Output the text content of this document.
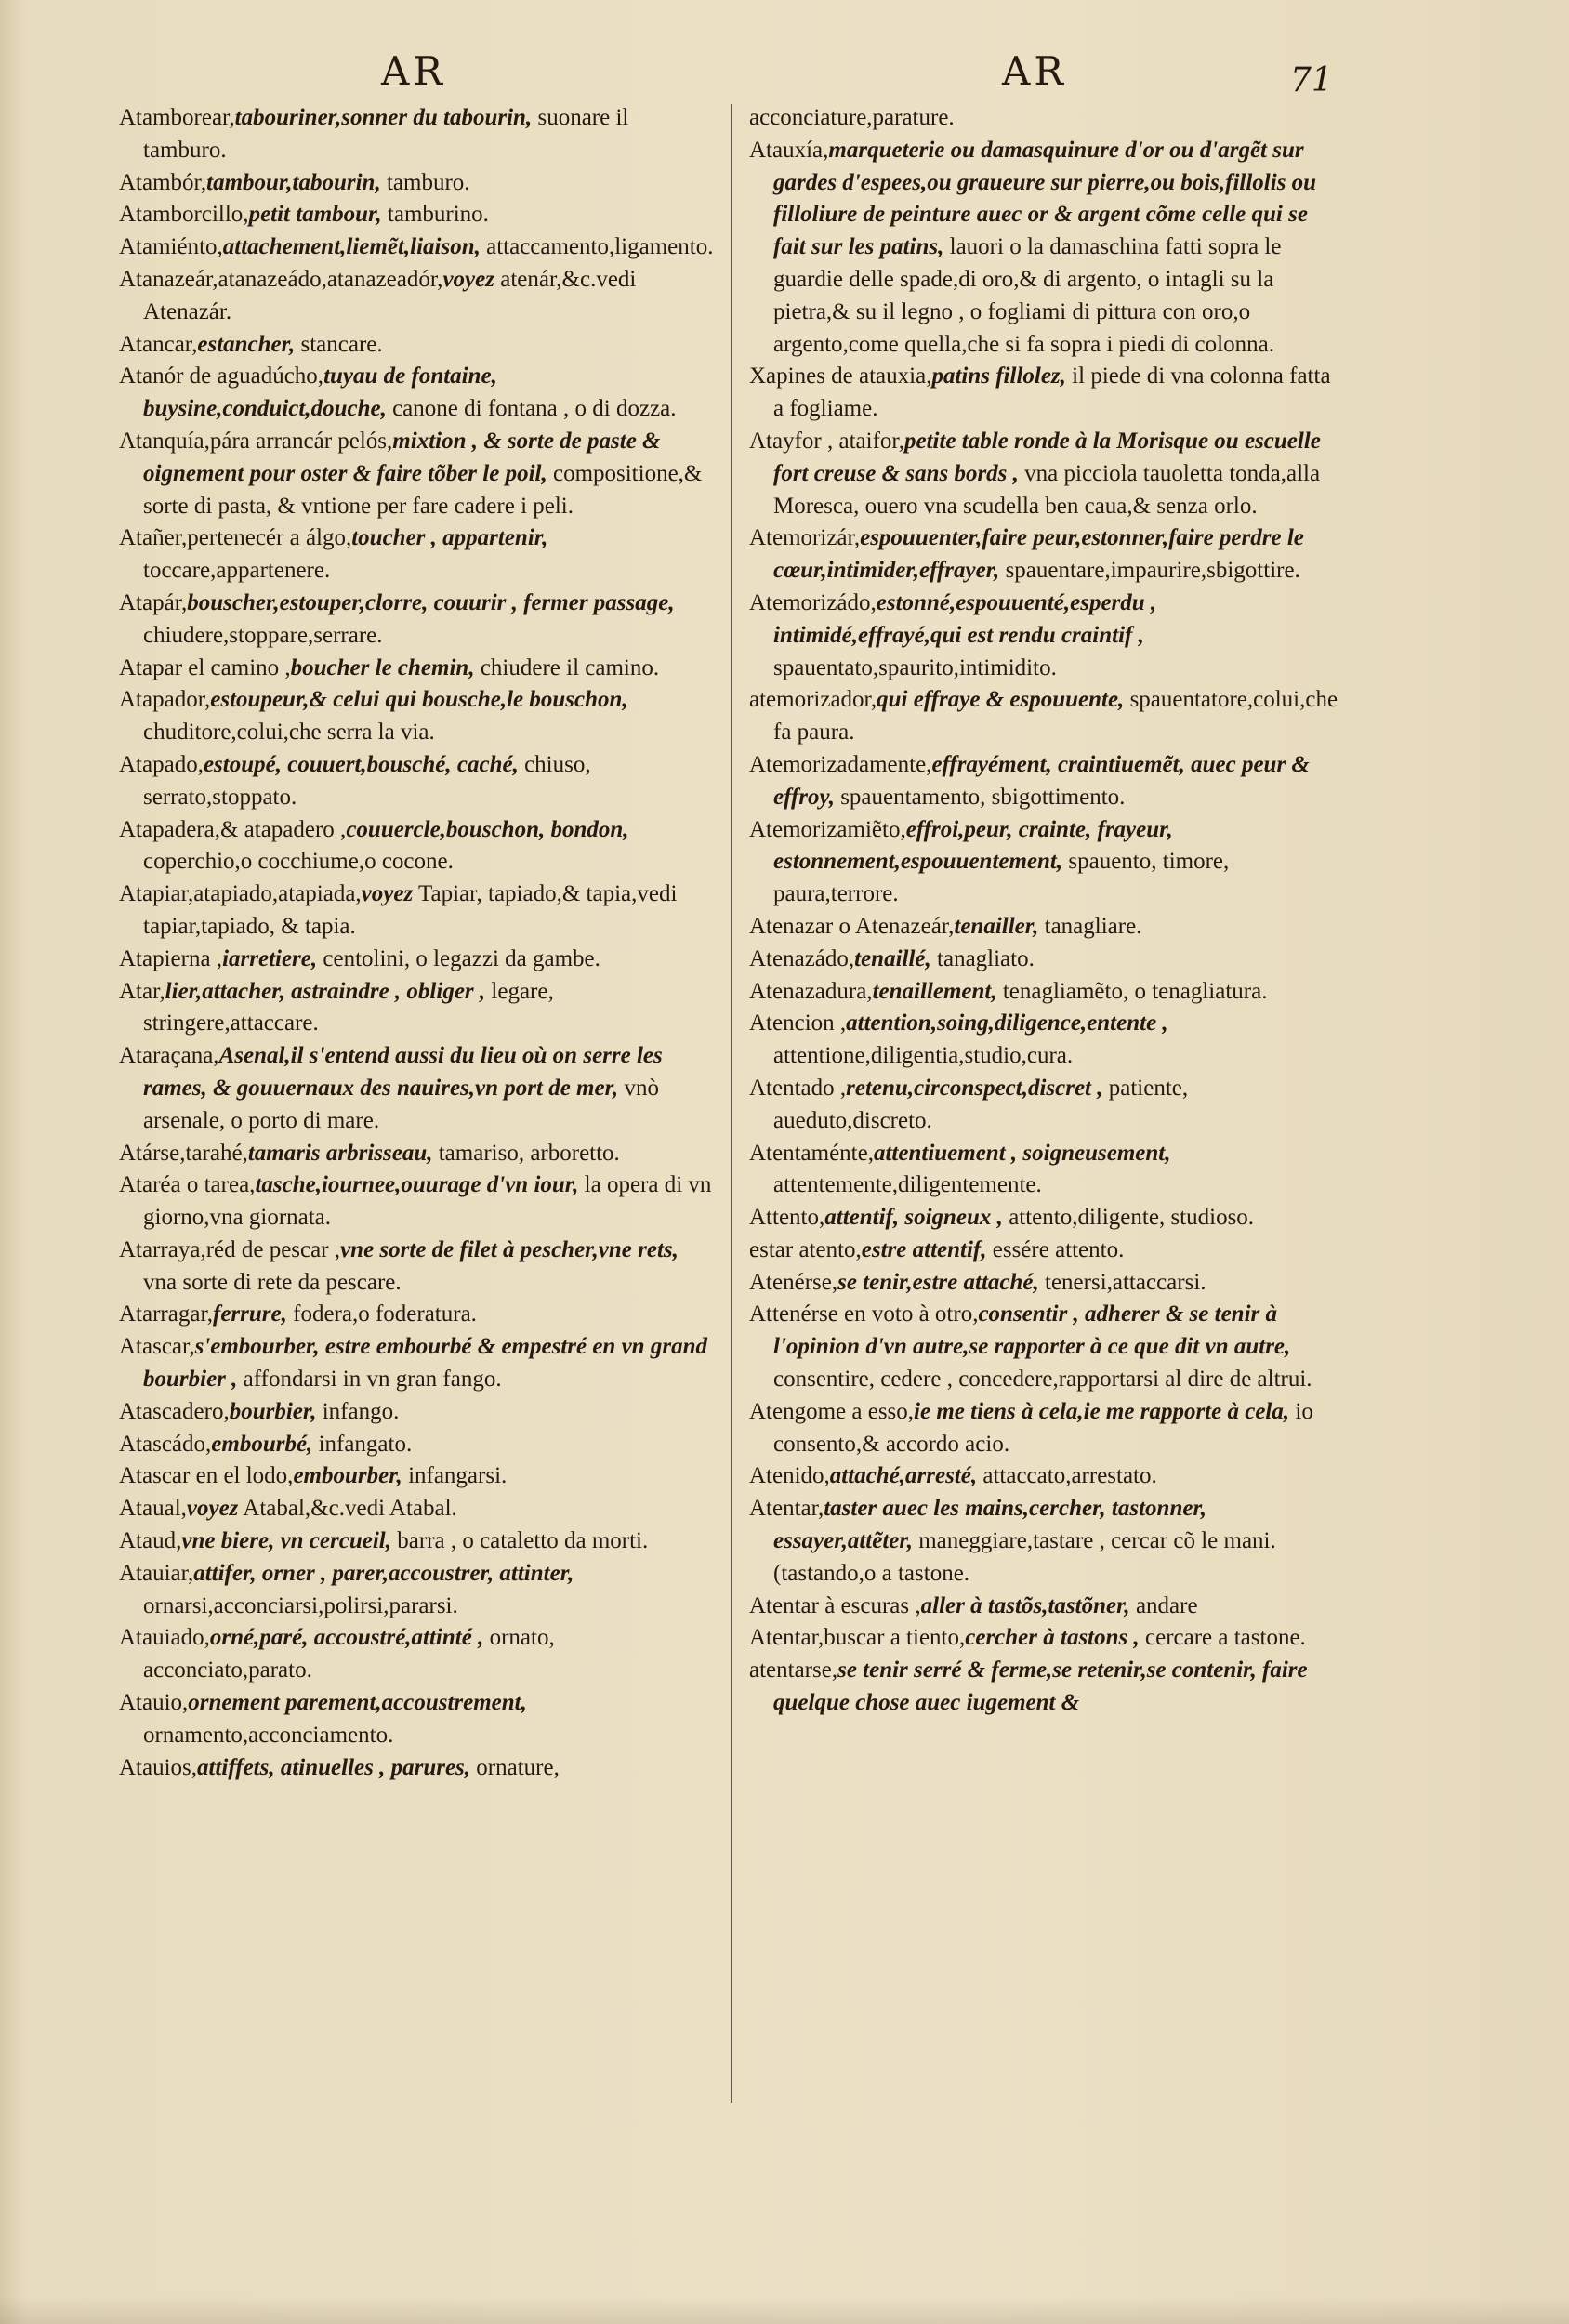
AR	AR	71

Atamborear,tabouriner,sonner du tabourin, suonare il tamburo.

Atambór,tambour,tabourin, tamburo.

Atamborcillo,petit tambour, tamburino.

Atamiénto,attachement,liemẽt,liaison, attaccamento,ligamento.

Atanazeár,atanazeádo,atanazeadór,voyez atenár,&c.vedi Atenazár.

Atancar,estancher, stancare.

Atanór de aguadúcho,tuyau de fontaine, buysine,conduict,douche, canone di fontana , o di dozza.

Atanquía,pára arrancár pelós,mixtion , & sorte de paste & oignement pour oster & faire tõber le poil, compositione,& sorte di pasta, & vntione per fare cadere i peli.

Atañer,pertenecér a álgo,toucher , appartenir, toccare,appartenere.

Atapár,bouscher,estouper,clorre, couurir , fermer passage, chiudere,stoppare,serrare.

Atapar el camino ,boucher le chemin, chiudere il camino.

Atapador,estoupeur,& celui qui bousche,le bouschon, chuditore,colui,che serra la via.

Atapado,estoupé, couuert,bousché, caché, chiuso, serrato,stoppato.

Atapadera,& atapadero ,couuercle,bouschon, bondon, coperchio,o cocchiume,o cocone.

Atapiar,atapiado,atapiada,voyez Tapiar, tapiado,& tapia,vedi tapiar,tapiado, & tapia.

Atapierna ,iarretiere, centolini, o legazzi da gambe.

Atar,lier,attacher, astraindre , obliger , legare, stringere,attaccare.

Ataraçana,Asenal,il s'entend aussi du lieu où on serre les rames, & gouuernaux des nauires,vn port de mer, vnò arsenale, o porto di mare.

Atárse,tarahé,tamaris arbrisseau, tamariso, arboretto.

Ataréa o tarea,tasche,iournee,ouurage d'vn iour, la opera di vn giorno,vna giornata.

Atarraya,réd de pescar ,vne sorte de filet à pescher,vne rets, vna sorte di rete da pescare.

Atarragar,ferrure, fodera,o foderatura.

Atascar,s'embourber, estre embourbé & empestré en vn grand bourbier , affondarsi in vn gran fango.

Atascadero,bourbier, infango.

Atascádo,embourbé, infangato.

Atascar en el lodo,embourber, infangarsi.

Ataual,voyez Atabal,&c.vedi Atabal.

Ataud,vne biere, vn cercueil, barra , o cataletto da morti.

Atauiar,attifer, orner , parer,accoustrer, attinter, ornarsi,acconciarsi,polirsi,pararsi.

Atauiado,orné,paré, accoustré,attinté , ornato, acconciato,parato.

Atauio,ornement parement,accoustrement, ornamento,acconciamento.

Atauios,attiffets, atinuelles , parures, ornature,

acconciature,parature.

Atauxía,marqueterie ou damasquinure d'or ou d'argẽt sur gardes d'espees,ou graueure sur pierre,ou bois,fillolis ou filloliure de peinture auec or & argent cõme celle qui se fait sur les patins, lauori o la damaschina fatti sopra le guardie delle spade,di oro,& di argento, o intagli su la pietra,& su il legno , o fogliami di pittura con oro,o argento,come quella,che si fa sopra i piedi di colonna.

Xapines de atauxia,patins fillolez, il piede di vna colonna fatta a fogliame.

Atayfor , ataifor,petite table ronde à la Morisque ou escuelle fort creuse & sans bords , vna picciola tauoletta tonda,alla Moresca, ouero vna scudella ben caua,& senza orlo.

Atemorizár,espouuenter,faire peur,estonner,faire perdre le cœur,intimider,effrayer, spauentare,impaurire,sbigottire.

Atemorizádo,estonné,espouuenté,esperdu , intimidé,effrayé,qui est rendu craintif , spauentato,spaurito,intimidito.

atemorizador,qui effraye & espouuente, spauentatore,colui,che fa paura.

Atemorizadamente,effrayément, craintiuemẽt, auec peur & effroy, spauentamento, sbigottimento.

Atemorizamiẽto,effroi,peur, crainte, frayeur, estonnement,espouuentement, spauento, timore, paura,terrore.

Atenazar o Atenazeár,tenailler, tanagliare.

Atenazádo,tenaillé, tanagliato.

Atenazadura,tenaillement, tenagliamẽto, o tenagliatura.

Atencion ,attention,soing,diligence,entente , attentione,diligentia,studio,cura.

Atentado ,retenu,circonspect,discret , patiente, aueduto,discreto.

Atentaménte,attentiuement , soigneusement, attentemente,diligentemente.

Attento,attentif, soigneux , attento,diligente, studioso.

estar atento,estre attentif, essére attento.

Atenérse,se tenir,estre attaché, tenersi,attaccarsi.

Attenérse en voto à otro,consentir , adherer & se tenir à l'opinion d'vn autre,se rapporter à ce que dit vn autre, consentire, cedere , concedere,rapportarsi al dire de altrui.

Atengome a esso,ie me tiens à cela,ie me rapporte à cela, io consento,& accordo acio.

Atenido,attaché,arresté, attaccato,arrestato.

Atentar,taster auec les mains,cercher, tastonner, essayer,attẽter, maneggiare,tastare , cercar cõ le mani. (tastando,o a tastone.

Atentar à escuras ,aller à tastõs,tastõner, andare

Atentar,buscar a tiento,cercher à tastons , cercare a tastone.

atentarse,se tenir serré & ferme,se retenir,se contenir, faire quelque chose auec iugement &
